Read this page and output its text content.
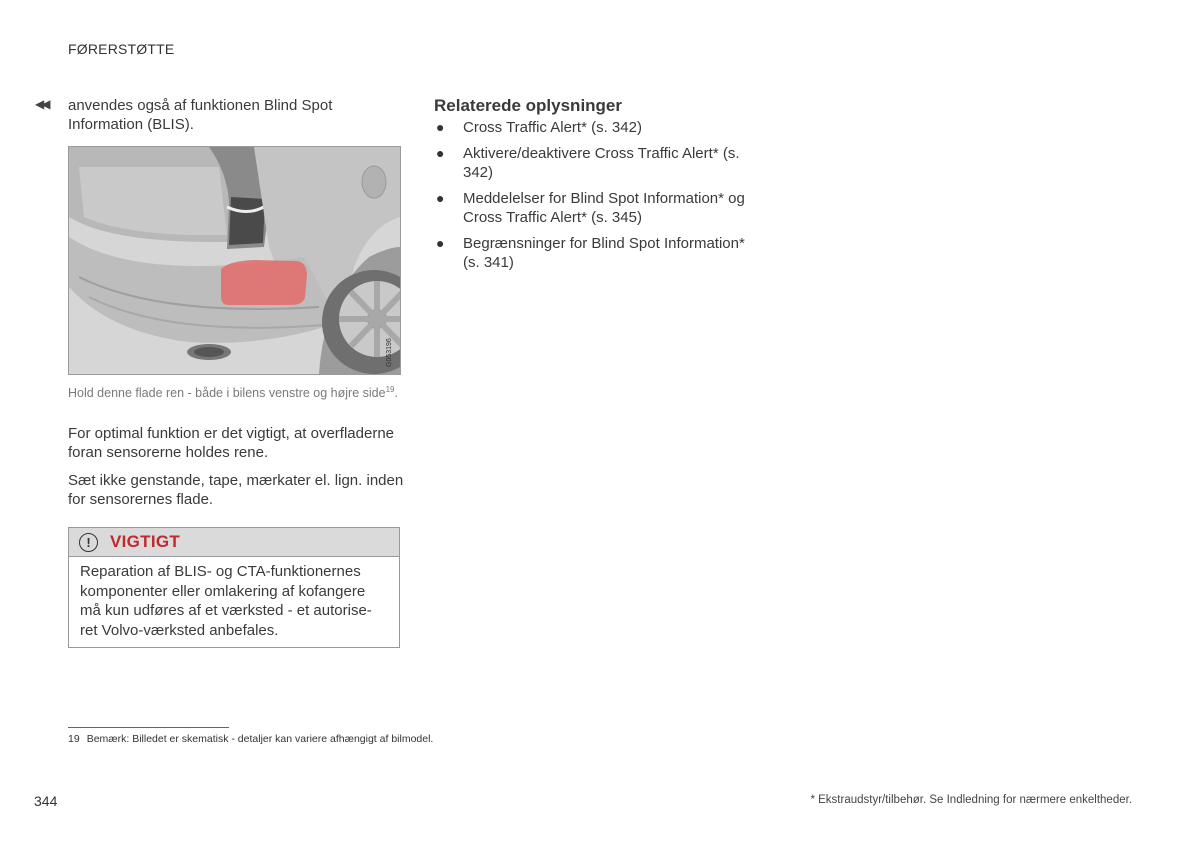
FØRERSTØTTE
◀◀ anvendes også af funktionen Blind Spot Information (BLIS).
G053196
Hold denne flade ren - både i bilens venstre og højre side$^{19}$.
For optimal funktion er det vigtigt, at overfladerne foran sensorerne holdes rene.
Sæt ikke genstande, tape, mærkater el. lign. inden for sensorernes flade.
!	VIGTIGT
Reparation af BLIS- og CTA-funktionernes komponenter eller omlakering af kofangere må kun udføres af et værksted - et autorise-ret Volvo-værksted anbefales.
Relaterede oplysninger
● Cross Traffic Alert* (s. 342)
● Aktivere/deaktivere Cross Traffic Alert* (s. 342)
● Meddelelser for Blind Spot Information* og Cross Traffic Alert* (s. 345)
● Begrænsninger for Blind Spot Information* (s. 341)
19 Bemærk: Billedet er skematisk - detaljer kan variere afhængigt af bilmodel.
344	* Ekstraudstyr/tilbehør. Se Indledning for nærmere enkeltheder.
